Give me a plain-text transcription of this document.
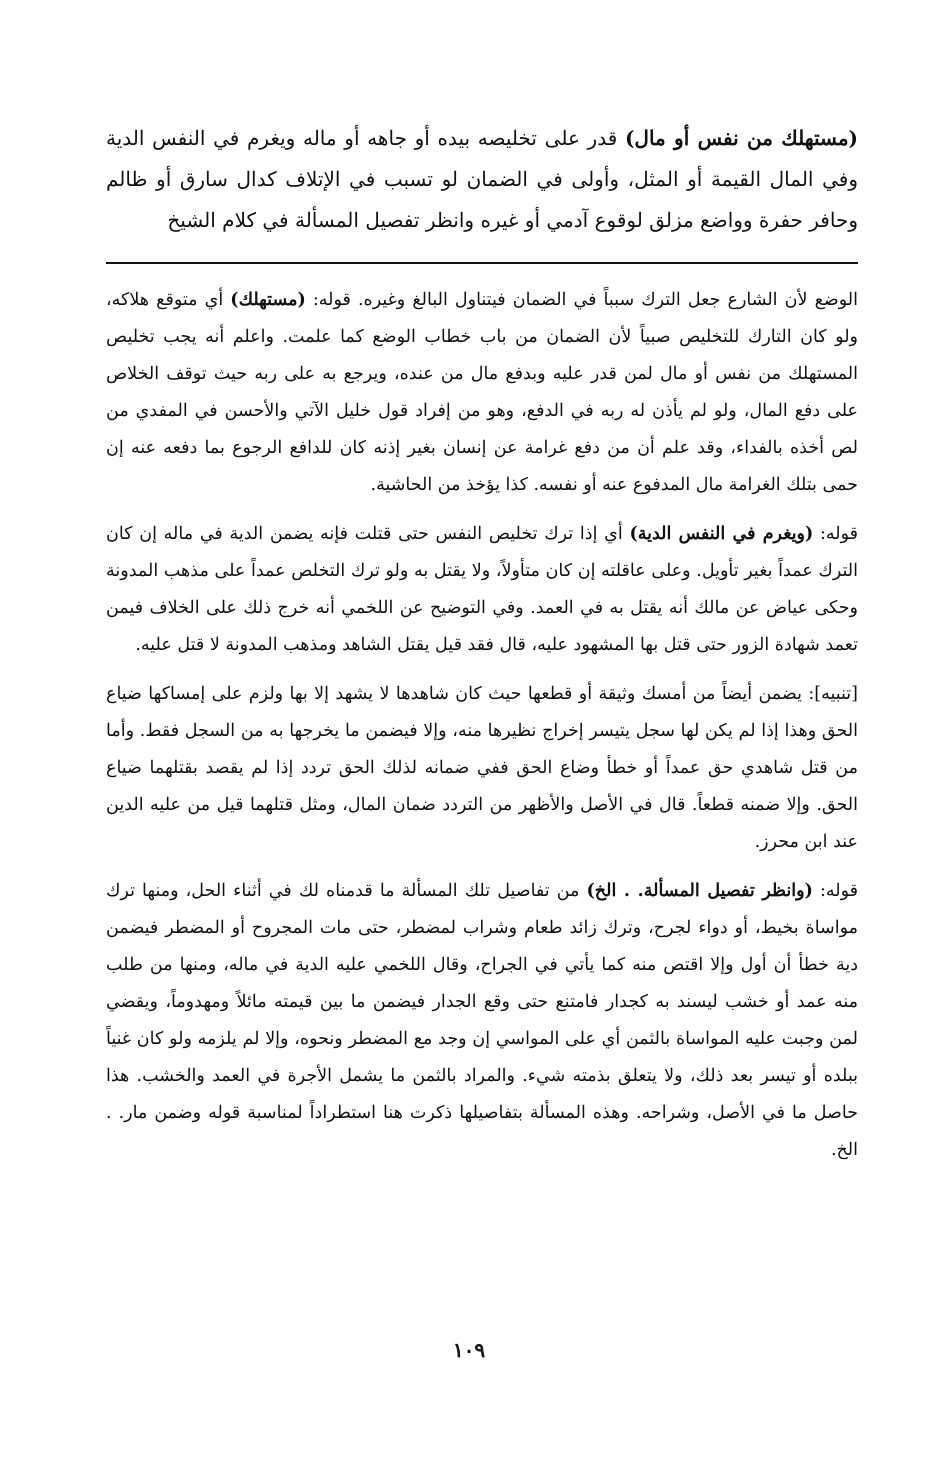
(مستهلك من نفس أو مال) قدر على تخليصه بيده أو جاهه أو ماله ويغرم في النفس الدية وفي المال القيمة أو المثل، وأولى في الضمان لو تسبب في الإتلاف كدال سارق أو ظالم وحافر حفرة وواضع مزلق لوقوع آدمي أو غيره وانظر تفصيل المسألة في كلام الشيخ

الوضع لأن الشارع جعل الترك سبباً في الضمان فيتناول البالغ وغيره. قوله: (مستهلك) أي متوقع هلاكه، ولو كان التارك للتخليص صبياً لأن الضمان من باب خطاب الوضع كما علمت. واعلم أنه يجب تخليص المستهلك من نفس أو مال لمن قدر عليه وبدفع مال من عنده، ويرجع به على ربه حيث توقف الخلاص على دفع المال، ولو لم يأذن له ربه في الدفع، وهو من إفراد قول خليل الآتي والأحسن في المفدي من لص أخذه بالفداء، وقد علم أن من دفع غرامة عن إنسان بغير إذنه كان للدافع الرجوع بما دفعه عنه إن حمى بتلك الغرامة مال المدفوع عنه أو نفسه. كذا يؤخذ من الحاشية.

قوله: (ويغرم في النفس الدية) أي إذا ترك تخليص النفس حتى قتلت فإنه يضمن الدية في ماله إن كان الترك عمداً بغير تأويل. وعلى عاقلته إن كان متأولاً، ولا يقتل به ولو ترك التخلص عمداً على مذهب المدونة وحكى عياض عن مالك أنه يقتل به في العمد. وفي التوضيح عن اللخمي أنه خرج ذلك على الخلاف فيمن تعمد شهادة الزور حتى قتل بها المشهود عليه، قال فقد قيل يقتل الشاهد ومذهب المدونة لا قتل عليه.

[تنبيه]: يضمن أيضاً من أمسك وثيقة أو قطعها حيث كان شاهدها لا يشهد إلا بها ولزم على إمساكها ضياع الحق وهذا إذا لم يكن لها سجل يتيسر إخراج نظيرها منه، وإلا فيضمن ما يخرجها به من السجل فقط. وأما من قتل شاهدي حق عمداً أو خطأ وضاع الحق ففي ضمانه لذلك الحق تردد إذا لم يقصد بقتلهما ضياع الحق. وإلا ضمنه قطعاً. قال في الأصل والأظهر من التردد ضمان المال، ومثل قتلهما قيل من عليه الدين عند ابن محرز.

قوله: (وانظر تفصيل المسألة. . الخ) من تفاصيل تلك المسألة ما قدمناه لك في أثناء الحل، ومنها ترك مواساة بخيط، أو دواء لجرح، وترك زائد طعام وشراب لمضطر، حتى مات المجروح أو المضطر فيضمن دية خطأ أن أول وإلا اقتص منه كما يأتي في الجراح، وقال اللخمي عليه الدية في ماله، ومنها من طلب منه عمد أو خشب ليسند به كجدار فامتنع حتى وقع الجدار فيضمن ما بين قيمته مائلاً ومهدوماً، ويقضي لمن وجبت عليه المواساة بالثمن أي على المواسي إن وجد مع المضطر ونحوه، وإلا لم يلزمه ولو كان غنياً ببلده أو تيسر بعد ذلك، ولا يتعلق بذمته شيء. والمراد بالثمن ما يشمل الأجرة في العمد والخشب. هذا حاصل ما في الأصل، وشراحه. وهذه المسألة بتفاصيلها ذكرت هنا استطراداً لمناسبة قوله وضمن مار. . الخ.

١٠٩
